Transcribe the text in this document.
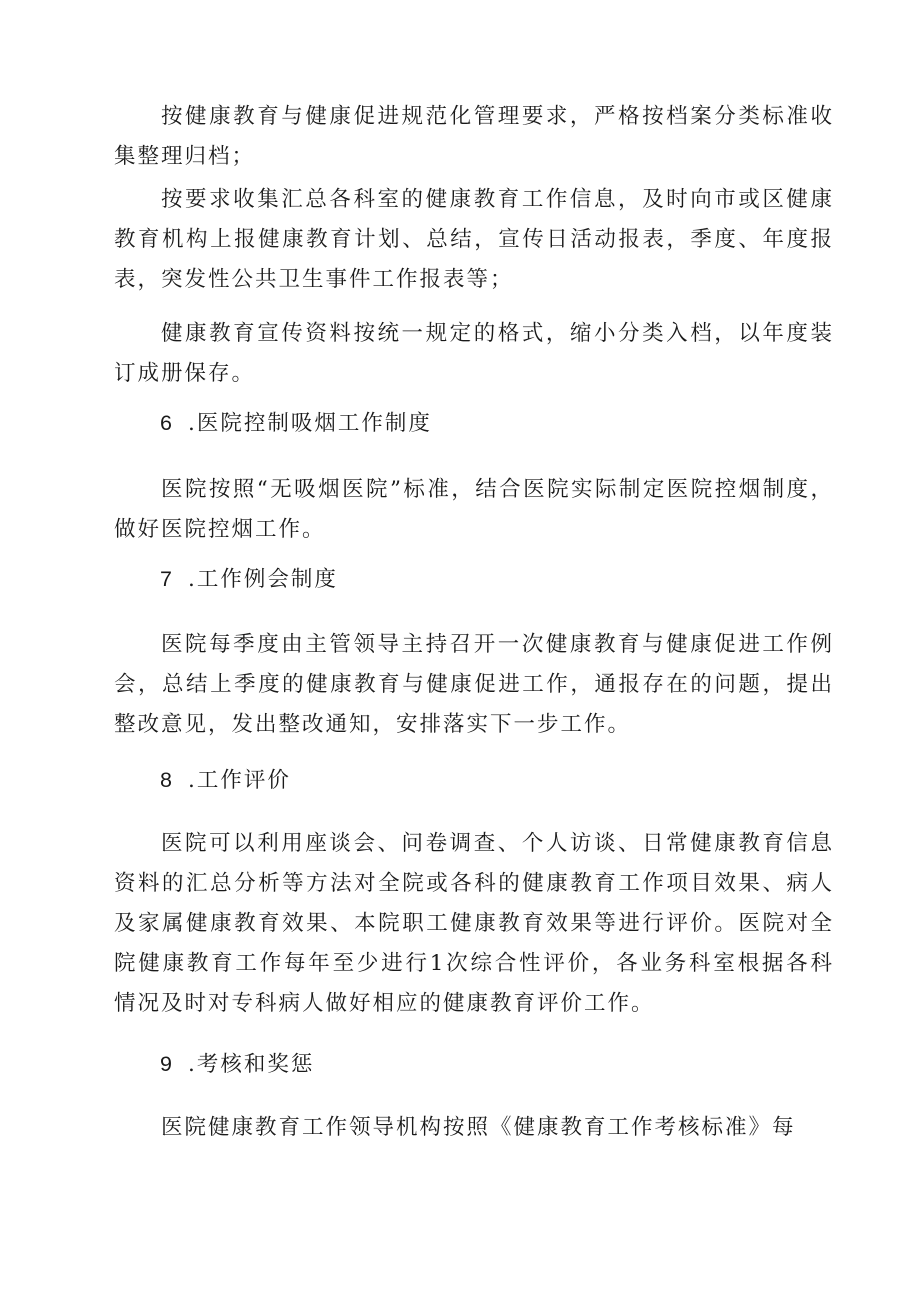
按健康教育与健康促进规范化管理要求，严格按档案分类标准收集整理归档；

按要求收集汇总各科室的健康教育工作信息，及时向市或区健康教育机构上报健康教育计划、总结，宣传日活动报表，季度、年度报表，突发性公共卫生事件工作报表等；

健康教育宣传资料按统一规定的格式，缩小分类入档，以年度装订成册保存。

6 .医院控制吸烟工作制度

医院按照“无吸烟医院”标准，结合医院实际制定医院控烟制度，做好医院控烟工作。

7 .工作例会制度

医院每季度由主管领导主持召开一次健康教育与健康促进工作例会，总结上季度的健康教育与健康促进工作，通报存在的问题，提出整改意见，发出整改通知，安排落实下一步工作。

8 .工作评价

医院可以利用座谈会、问卷调查、个人访谈、日常健康教育信息资料的汇总分析等方法对全院或各科的健康教育工作项目效果、病人及家属健康教育效果、本院职工健康教育效果等进行评价。医院对全院健康教育工作每年至少进行1次综合性评价，各业务科室根据各科情况及时对专科病人做好相应的健康教育评价工作。

9 .考核和奖惩

医院健康教育工作领导机构按照《健康教育工作考核标准》每
